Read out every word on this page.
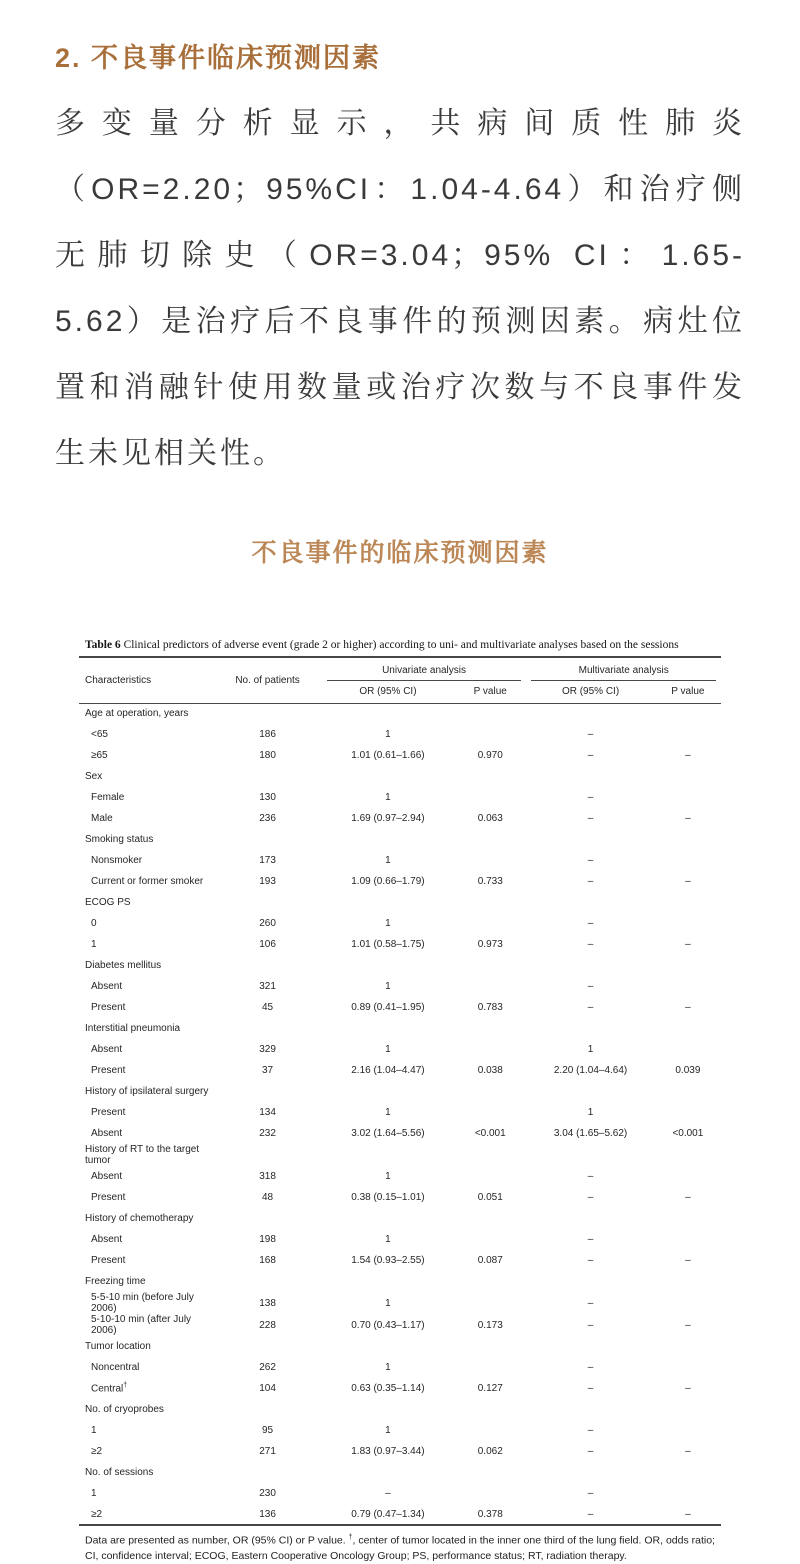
2. 不良事件临床预测因素

多变量分析显示，共病间质性肺炎（OR=2.20；95%CI：1.04-4.64）和治疗侧无肺切除史（OR=3.04；95% CI：1.65-5.62）是治疗后不良事件的预测因素。病灶位置和消融针使用数量或治疗次数与不良事件发生未见相关性。

不良事件的临床预测因素
Table 6 Clinical predictors of adverse event (grade 2 or higher) according to uni- and multivariate analyses based on the sessions
Characteristics	No. of patients	Univariate analysis		Multivariate analysis	

		OR (95% CI)	P value	OR (95% CI)	P value
Age at operation, years					
<65	186	1		–	
≥65	180	1.01 (0.61–1.66)	0.970	–	–
Sex					
Female	130	1		–	
Male	236	1.69 (0.97–2.94)	0.063	–	–
Smoking status					
Nonsmoker	173	1		–	
Current or former smoker	193	1.09 (0.66–1.79)	0.733	–	–
ECOG PS					
0	260	1		–	
1	106	1.01 (0.58–1.75)	0.973	–	–
Diabetes mellitus					
Absent	321	1		–	
Present	45	0.89 (0.41–1.95)	0.783	–	–
Interstitial pneumonia					
Absent	329	1		1	
Present	37	2.16 (1.04–4.47)	0.038	2.20 (1.04–4.64)	0.039
History of ipsilateral surgery					
Present	134	1		1	
Absent	232	3.02 (1.64–5.56)	<0.001	3.04 (1.65–5.62)	<0.001
History of RT to the target tumor					
Absent	318	1		–	
Present	48	0.38 (0.15–1.01)	0.051	–	–
History of chemotherapy					
Absent	198	1		–	
Present	168	1.54 (0.93–2.55)	0.087	–	–
Freezing time					
5-5-10 min (before July 2006)	138	1		–	
5-10-10 min (after July 2006)	228	0.70 (0.43–1.17)	0.173	–	–
Tumor location					
Noncentral	262	1		–	
Central†	104	0.63 (0.35–1.14)	0.127	–	–
No. of cryoprobes					
1	95	1		–	
≥2	271	1.83 (0.97–3.44)	0.062	–	–
No. of sessions					
1	230	–		–	
≥2	136	0.79 (0.47–1.34)	0.378	–	–
Data are presented as number, OR (95% CI) or P value. †, center of tumor located in the inner one third of the lung field. OR, odds ratio; CI, confidence interval; ECOG, Eastern Cooperative Oncology Group; PS, performance status; RT, radiation therapy.
